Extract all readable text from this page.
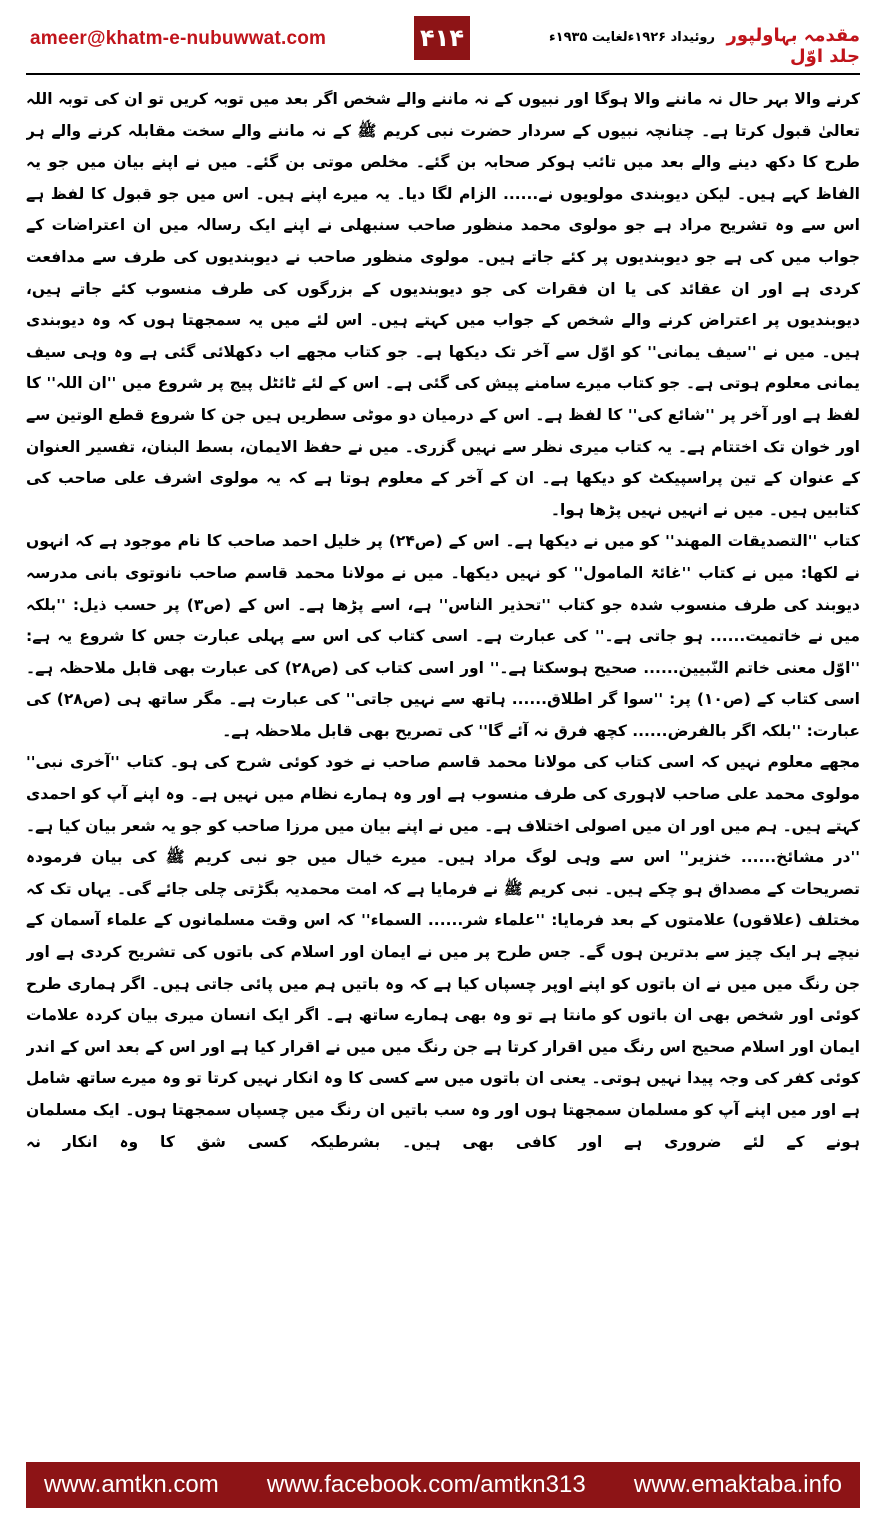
ameer@khatm-e-nubuwwat.com	۴۱۴	روئیداد ۱۹۲۶ءلغایت ۱۹۳۵ء مقدمہ بہاولپور جلد اوّل

کرنے والا بہر حال نہ ماننے والا ہوگا اور نبیوں کے نہ ماننے والے شخص اگر بعد میں توبہ کریں تو ان کی توبہ اللہ تعالیٰ قبول کرتا ہے۔ چنانچہ نبیوں کے سردار حضرت نبی کریم ﷺ کے نہ ماننے والے سخت مقابلہ کرنے والے ہر طرح کا دکھ دینے والے بعد میں تائب ہوکر صحابہ بن گئے۔ مخلص موتی بن گئے۔ میں نے اپنے بیان میں جو یہ الفاظ کہے ہیں۔ لیکن دیوبندی مولویوں نے...... الزام لگا دیا۔ یہ میرے اپنے ہیں۔ اس میں جو قبول کا لفظ ہے اس سے وہ تشریح مراد ہے جو مولوی محمد منظور صاحب سنبھلی نے اپنے ایک رسالہ میں ان اعتراضات کے جواب میں کی ہے جو دیوبندیوں پر کئے جاتے ہیں۔ مولوی منظور صاحب نے دیوبندیوں کی طرف سے مدافعت کردی ہے اور ان عقائد کی یا ان فقرات کی جو دیوبندیوں کے بزرگوں کی طرف منسوب کئے جاتے ہیں، دیوبندیوں پر اعتراض کرنے والے شخص کے جواب میں کہتے ہیں۔ اس لئے میں یہ سمجھتا ہوں کہ وہ دیوبندی ہیں۔ میں نے ''سیف یمانی'' کو اوّل سے آخر تک دیکھا ہے۔ جو کتاب مجھے اب دکھلائی گئی ہے وہ وہی سیف یمانی معلوم ہوتی ہے۔ جو کتاب میرے سامنے پیش کی گئی ہے۔ اس کے لئے ٹائٹل پیج پر شروع میں ''ان اللہ'' کا لفظ ہے اور آخر پر ''شائع کی'' کا لفظ ہے۔ اس کے درمیان دو موٹی سطریں ہیں جن کا شروع قطع الوتین سے اور خوان تک اختتام ہے۔ یہ کتاب میری نظر سے نہیں گزری۔ میں نے حفظ الایمان، بسط البنان، تفسیر العنوان کے عنوان کے تین پراسپیکٹ کو دیکھا ہے۔ ان کے آخر کے معلوم ہوتا ہے کہ یہ مولوی اشرف علی صاحب کی کتابیں ہیں۔ میں نے انہیں نہیں پڑھا ہوا۔

کتاب ''التصدیقات المھند'' کو میں نے دیکھا ہے۔ اس کے (ص۲۴) پر خلیل احمد صاحب کا نام موجود ہے کہ انہوں نے لکھا: میں نے کتاب ''غائۃ المامول'' کو نہیں دیکھا۔ میں نے مولانا محمد قاسم صاحب نانوتوی بانی مدرسہ دیوبند کی طرف منسوب شدہ جو کتاب ''تحذیر الناس'' ہے، اسے پڑھا ہے۔ اس کے (ص۳) پر حسب ذیل: ''بلکہ میں نے خاتمیت...... ہو جاتی ہے۔'' کی عبارت ہے۔ اسی کتاب کی اس سے پہلی عبارت جس کا شروع یہ ہے: ''اوّل معنی خاتم النّبیین...... صحیح ہوسکتا ہے۔'' اور اسی کتاب کی (ص۲۸) کی عبارت بھی قابل ملاحظہ ہے۔ اسی کتاب کے (ص۱۰) پر: ''سوا گر اطلاق...... ہاتھ سے نہیں جاتی'' کی عبارت ہے۔ مگر ساتھ ہی (ص۲۸) کی عبارت: ''بلکہ اگر بالفرض...... کچھ فرق نہ آئے گا'' کی تصریح بھی قابل ملاحظہ ہے۔

مجھے معلوم نہیں کہ اسی کتاب کی مولانا محمد قاسم صاحب نے خود کوئی شرح کی ہو۔ کتاب ''آخری نبی'' مولوی محمد علی صاحب لاہوری کی طرف منسوب ہے اور وہ ہمارے نظام میں نہیں ہے۔ وہ اپنے آپ کو احمدی کہتے ہیں۔ ہم میں اور ان میں اصولی اختلاف ہے۔ میں نے اپنے بیان میں مرزا صاحب کو جو یہ شعر بیان کیا ہے۔ ''در مشائخ...... خنزیر'' اس سے وہی لوگ مراد ہیں۔ میرے خیال میں جو نبی کریم ﷺ کی بیان فرمودہ تصریحات کے مصداق ہو چکے ہیں۔ نبی کریم ﷺ نے فرمایا ہے کہ امت محمدیہ بگڑتی چلی جائے گی۔ یہاں تک کہ مختلف (علاقوں) علامتوں کے بعد فرمایا: ''علماء شر...... السماء'' کہ اس وقت مسلمانوں کے علماء آسمان کے نیچے ہر ایک چیز سے بدترین ہوں گے۔ جس طرح پر میں نے ایمان اور اسلام کی باتوں کی تشریح کردی ہے اور جن رنگ میں میں نے ان باتوں کو اپنے اوپر چسپاں کیا ہے کہ وہ باتیں ہم میں پائی جاتی ہیں۔ اگر ہماری طرح کوئی اور شخص بھی ان باتوں کو مانتا ہے تو وہ بھی ہمارے ساتھ ہے۔ اگر ایک انسان میری بیان کردہ علامات ایمان اور اسلام صحیح اس رنگ میں اقرار کرتا ہے جن رنگ میں میں نے اقرار کیا ہے اور اس کے بعد اس کے اندر کوئی کفر کی وجہ پیدا نہیں ہوتی۔ یعنی ان باتوں میں سے کسی کا وہ انکار نہیں کرتا تو وہ میرے ساتھ شامل ہے اور میں اپنے آپ کو مسلمان سمجھتا ہوں اور وہ سب باتیں ان رنگ میں چسپاں سمجھتا ہوں۔ ایک مسلمان ہونے کے لئے ضروری ہے اور کافی بھی ہیں۔ بشرطیکہ کسی شق کا وہ انکار نہ

www.amtkn.com www.facebook.com/amtkn313 www.emaktaba.info
